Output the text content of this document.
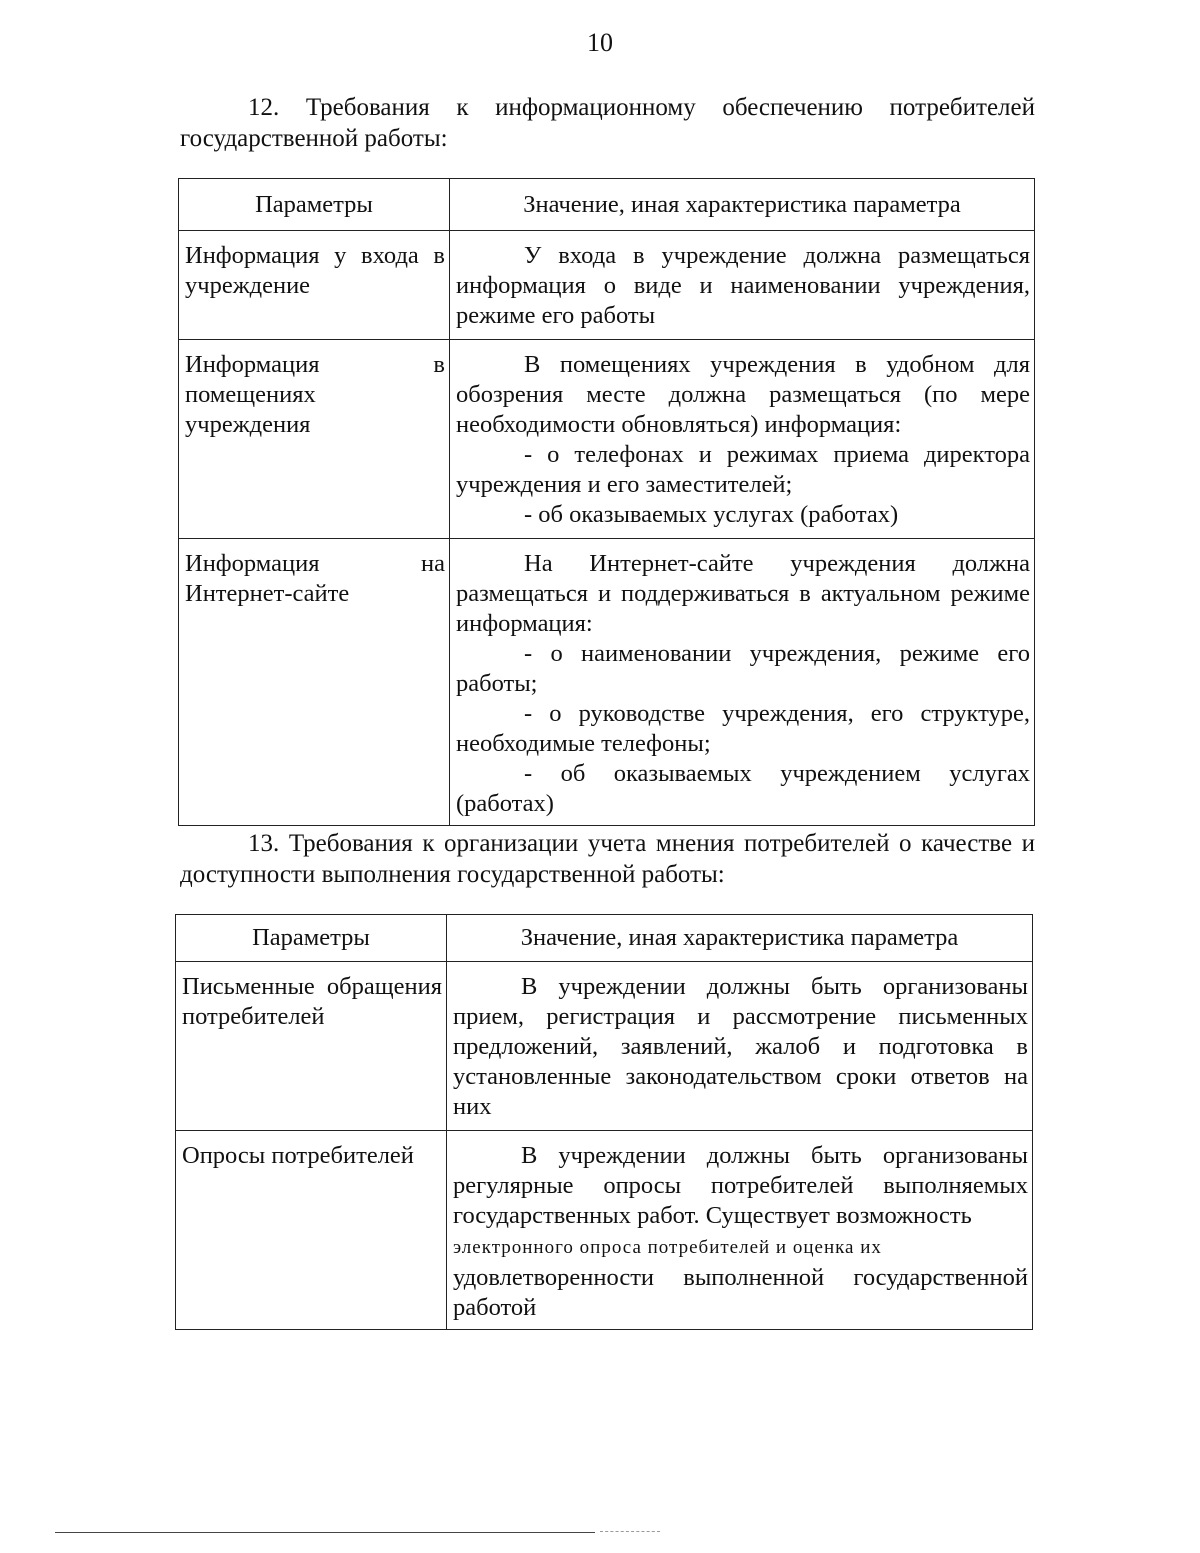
10
12. Требования к информационному обеспечению потребителей государственной работы:
Параметры	Значение, иная характеристика параметра
Информация у входа в учреждение	У входа в учреждение должна размещаться информация о виде и наименовании учреждения, режиме его работы

Информация в помещениях учреждения	В помещениях учреждения в удобном для обозрения месте должна размещаться (по мере необходимости обновляться) информация:

- о телефонах и режимах приема директора учреждения и его заместителей;

- об оказываемых услугах (работах)

Информация на Интернет-сайте	На Интернет-сайте учреждения должна размещаться и поддерживаться в актуальном режиме информация:

- о наименовании учреждения, режиме его работы;

- о руководстве учреждения, его структуре, необходимые телефоны;

- об оказываемых учреждением услугах (работах)

13. Требования к организации учета мнения потребителей о качестве и доступности выполнения государственной работы:
Параметры	Значение, иная характеристика параметра
Письменные обращения потребителей	В учреждении должны быть организованы прием, регистрация и рассмотрение письменных предложений, заявлений, жалоб и подготовка в установленные законодательством сроки ответов на них

Опросы потребителей	В учреждении должны быть организованы регулярные опросы потребителей выполняемых государственных работ. Существует возможность

электронного опроса потребителей и оценка их

удовлетворенности выполненной государственной работой
